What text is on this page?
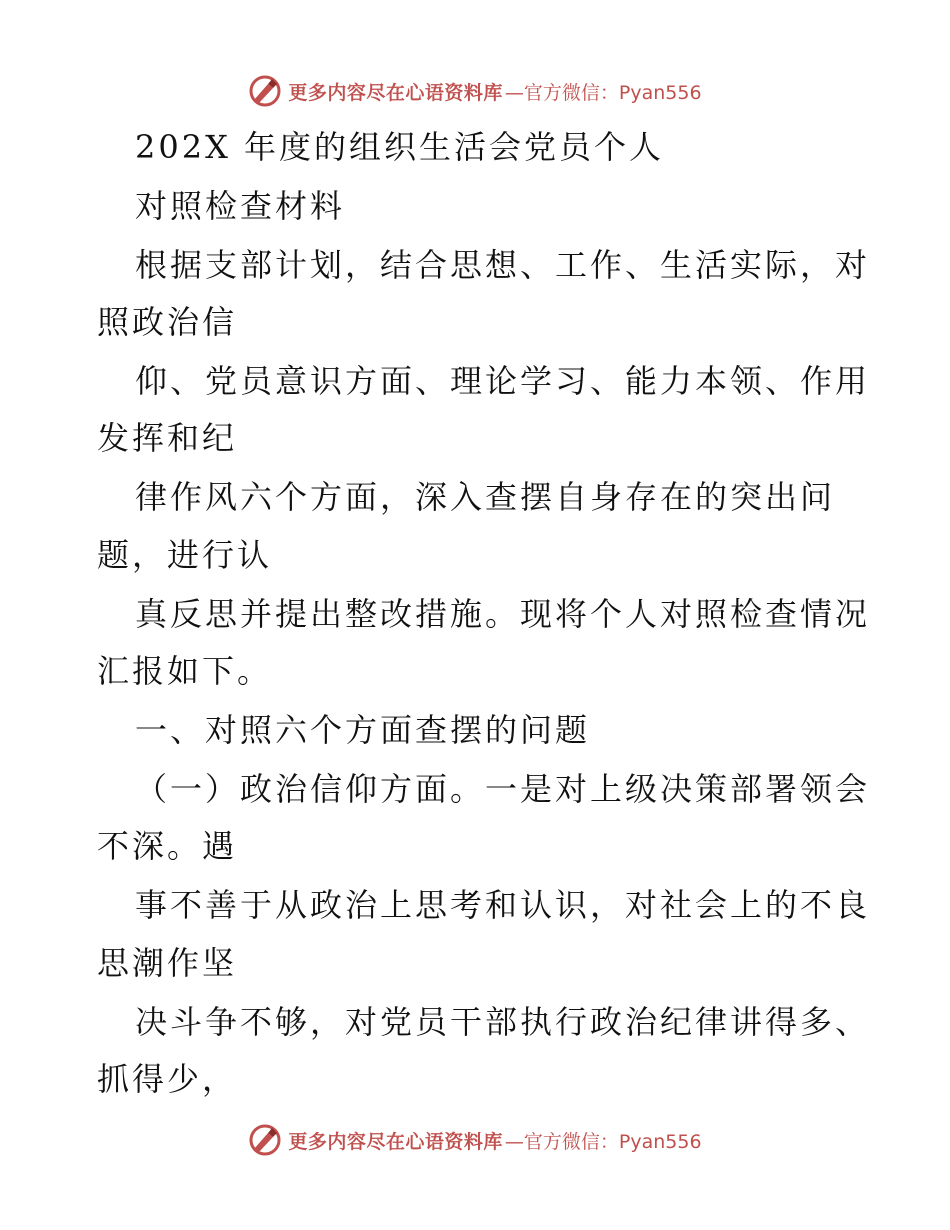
更多内容尽在心语资料库 —官方微信：Pyan556
202X 年度的组织生活会党员个人
对照检查材料
根据支部计划，结合思想、工作、生活实际，对
照政治信
仰、党员意识方面、理论学习、能力本领、作用
发挥和纪
律作风六个方面，深入查摆自身存在的突出问
题，进行认
真反思并提出整改措施。现将个人对照检查情况
汇报如下。
一、对照六个方面查摆的问题
（一）政治信仰方面。一是对上级决策部署领会
不深。遇
事不善于从政治上思考和认识，对社会上的不良
思潮作坚
决斗争不够，对党员干部执行政治纪律讲得多、
抓得少，
更多内容尽在心语资料库 —官方微信：Pyan556
